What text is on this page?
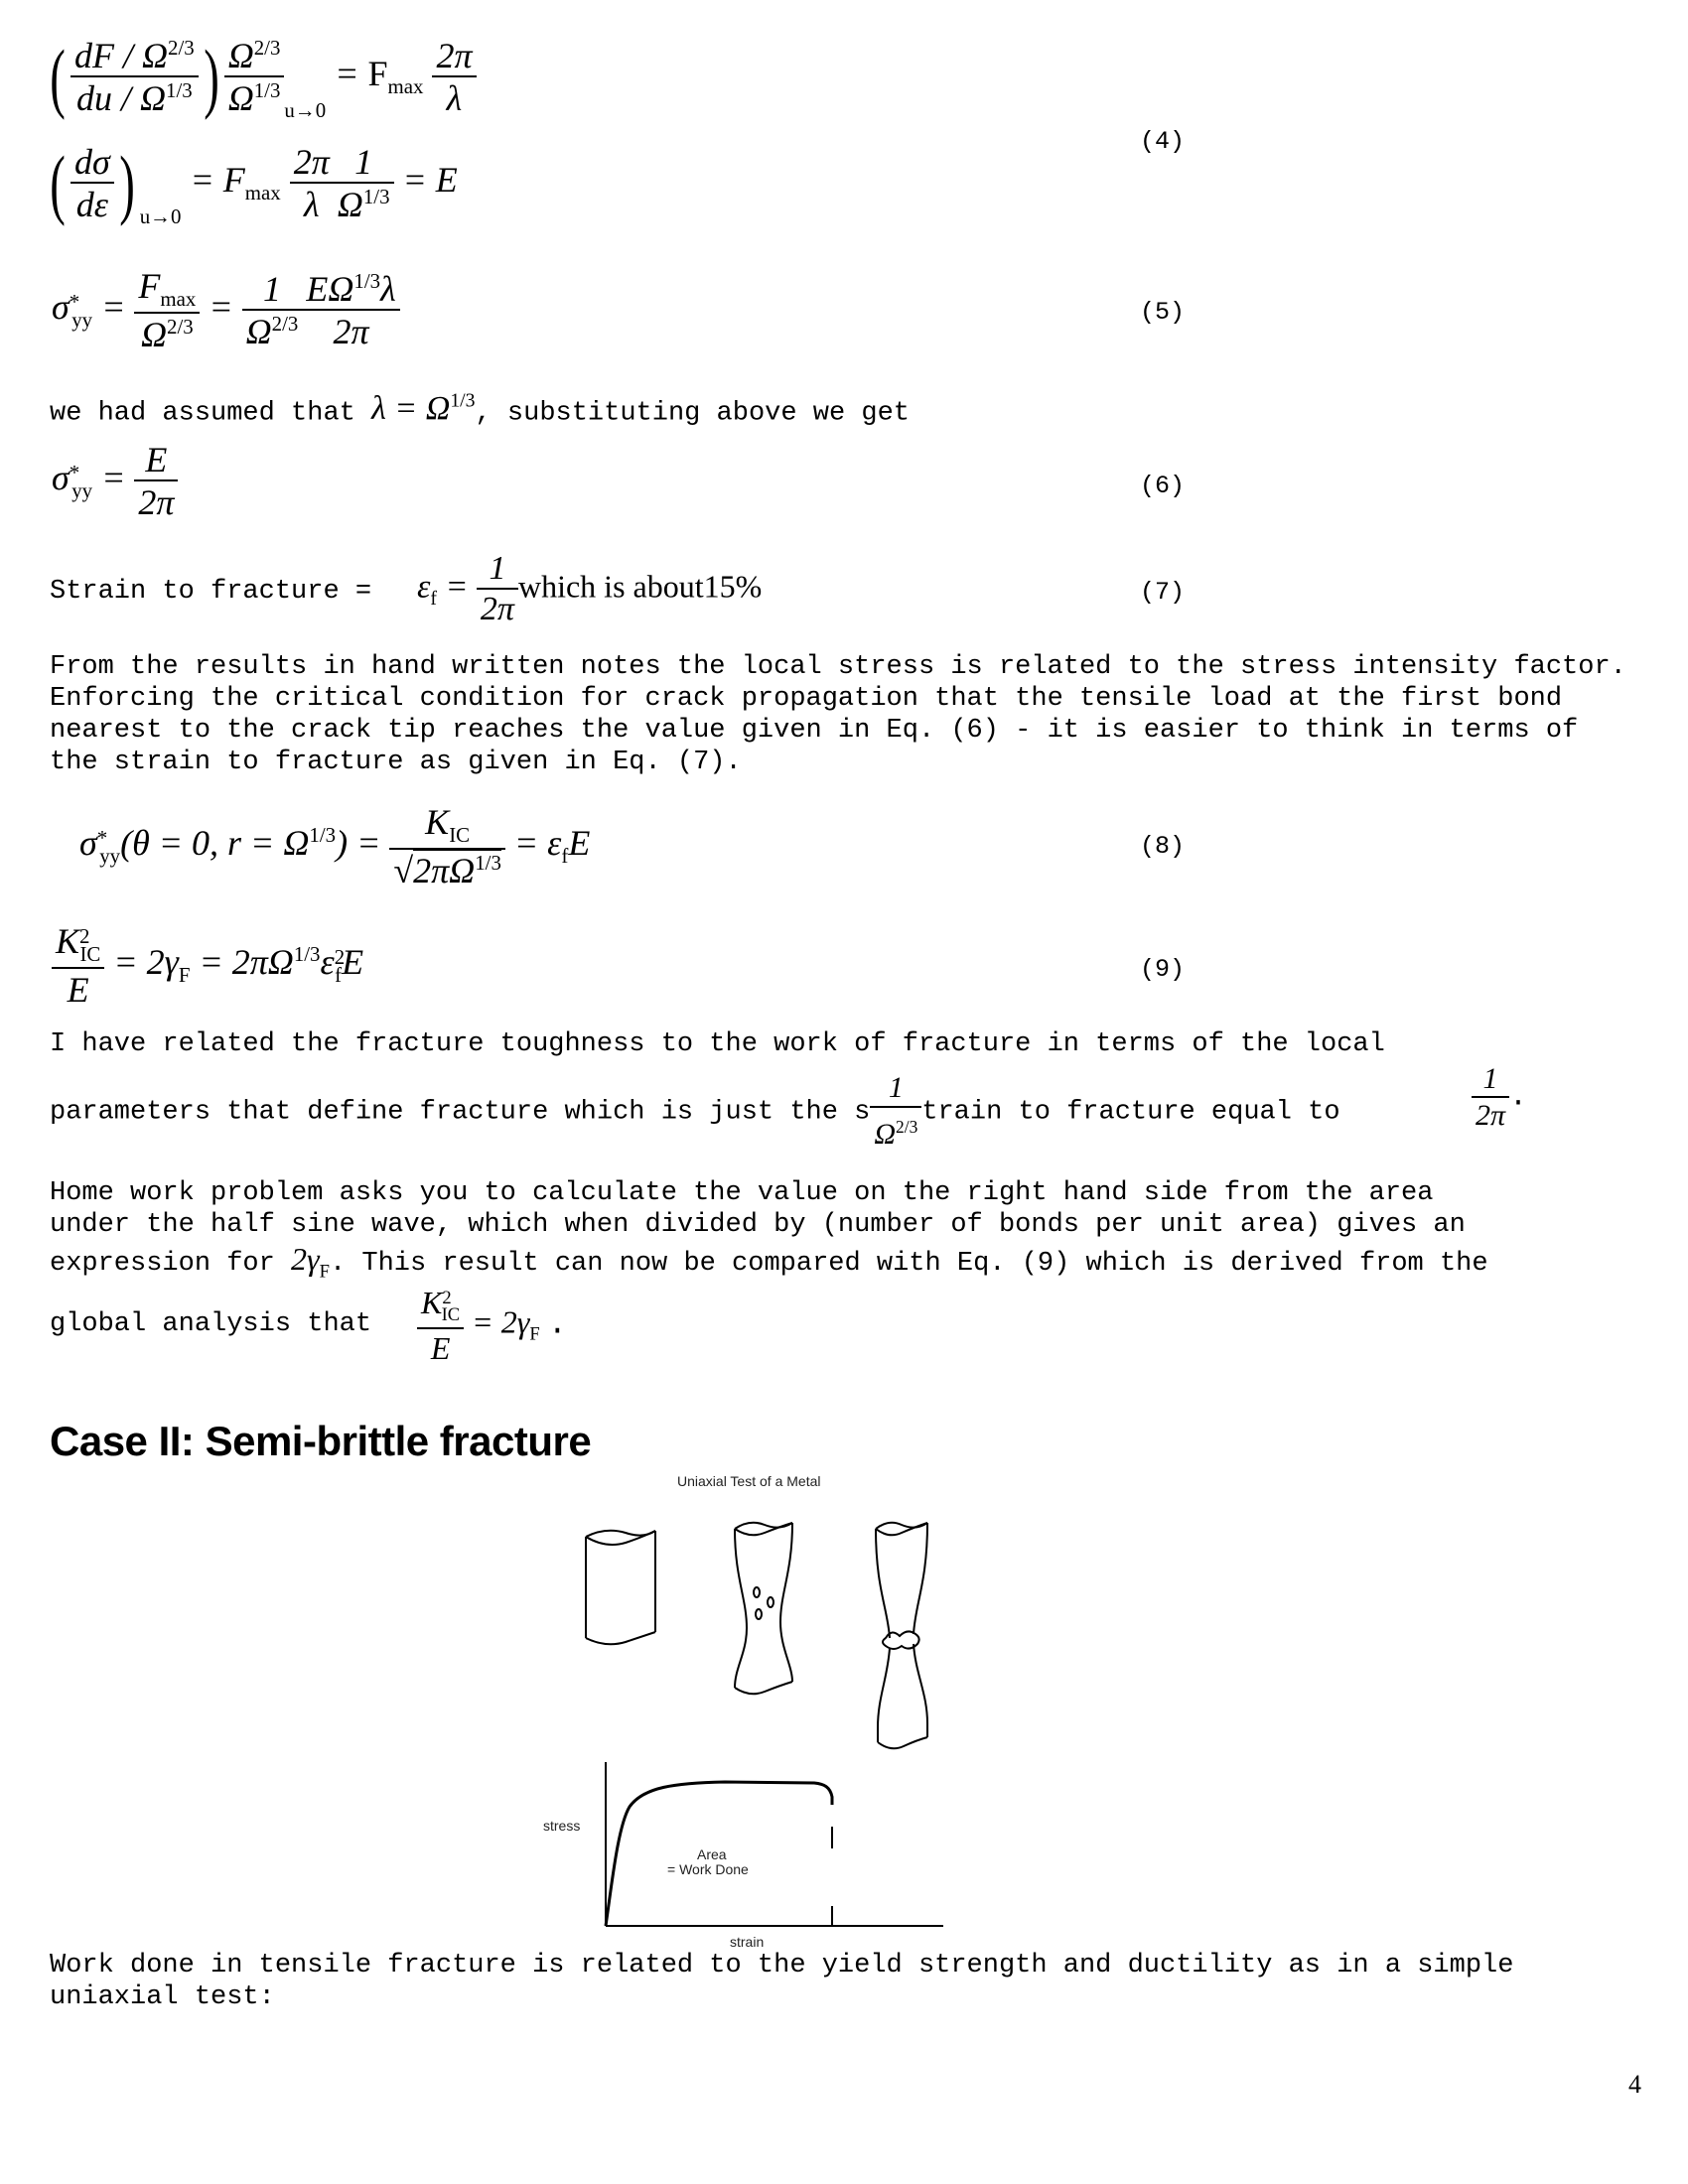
( $\frac{dF / \Omega^{2/3}}{du / \Omega^{1/3}}$ ) $\frac{\Omega^{2/3}}{\Omega^{1/3}} _{u\to 0} = F_{max} \frac{2\pi}{\lambda}$
( $\frac{d\sigma}{d\varepsilon}$ ) $_{u\to 0} = F_{max} \frac{2\pi}{\lambda} \frac{1}{\Omega^{1/3}} = E$
(4)
$\sigma^*_{yy} = \frac{F_{max}}{\Omega^{2/3}} = \frac{1}{\Omega^{2/3}} \frac{E\Omega^{1/3}\lambda}{2\pi}$	(5)
we had assumed that $\lambda = \Omega^{1/3}$, substituting above we get
$\sigma^*_{yy} = \frac{E}{2\pi}$	(6)
Strain to fracture = $\varepsilon_f = \frac{1}{2\pi}$ which is about15%	(7)
From the results in hand written notes the local stress is related to the stress intensity factor. Enforcing the critical condition for crack propagation that the tensile load at the first bond nearest to the crack tip reaches the value given in Eq. (6) - it is easier to think in terms of the strain to fracture as given in Eq. (7).
$\sigma^*_{yy}(\theta = 0$, $r = \Omega^{1/3}) = \frac{K_{IC}}{√2\pi\Omega^{1/3}} = \varepsilon_fE$	(8)
$\frac{K^2_{IC}}{E} = 2\gamma_F = 2\pi\Omega^{1/3}\varepsilon^2_fE$	(9)
I have related the fracture toughness to the work of fracture in terms of the local
parameters that define fracture which is just the s $\frac{1}{\Omega^{2/3}}$ train to fracture equal to	$\frac{1}{2\pi}$ .
Home work problem asks you to calculate the value on the right hand side from the area
under the half sine wave, which when divided by (number of bonds per unit area) gives an
expression for $2\gamma_F$. This result can now be compared with Eq. (9) which is derived from the
global analysis that $\frac{K^2_{IC}}{E} = 2\gamma_F$ .
Case II: Semi-brittle fracture
Uniaxial Test of a Metal
stress
strain
Area
= Work Done
Work done in tensile fracture is related to the yield strength and ductility as in a simple uniaxial test:
4
